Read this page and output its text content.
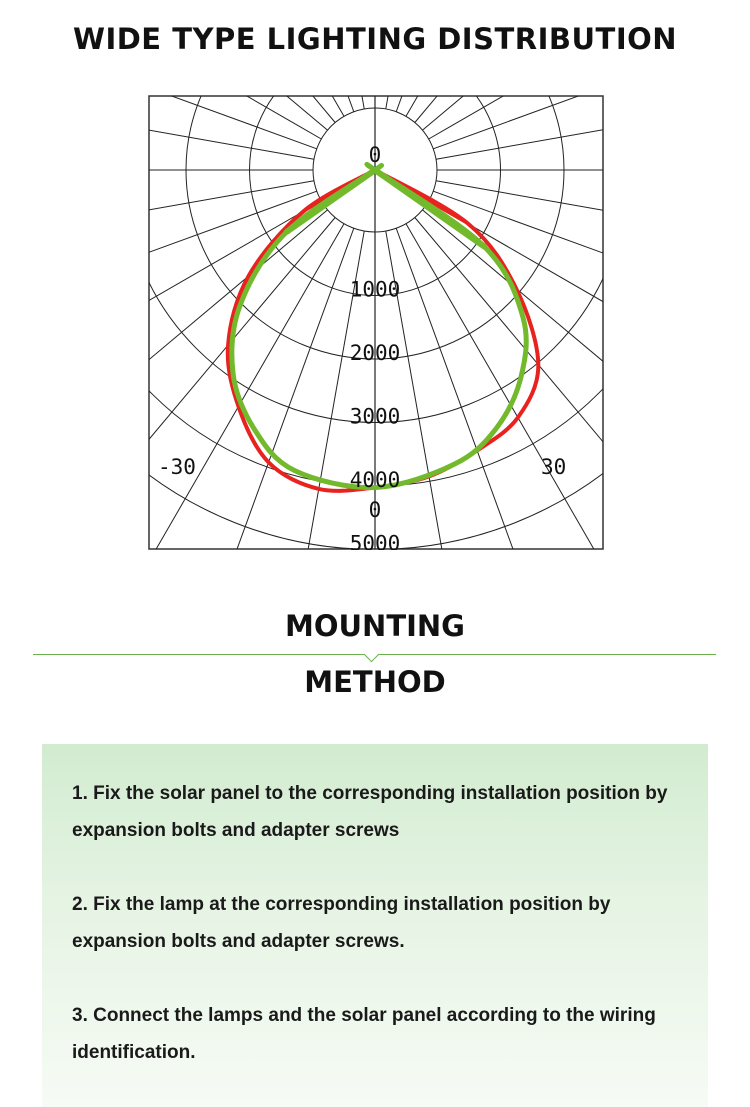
WIDE TYPE LIGHTING DISTRIBUTION
0
1000
2000
3000
4000
5000
-30	30
0
MOUNTING
METHOD

1. Fix the solar panel to the corresponding installation position by expansion bolts and adapter screws

2. Fix the lamp at the corresponding installation position by expansion bolts and adapter screws.

3. Connect the lamps and the solar panel according to the wiring identification.
